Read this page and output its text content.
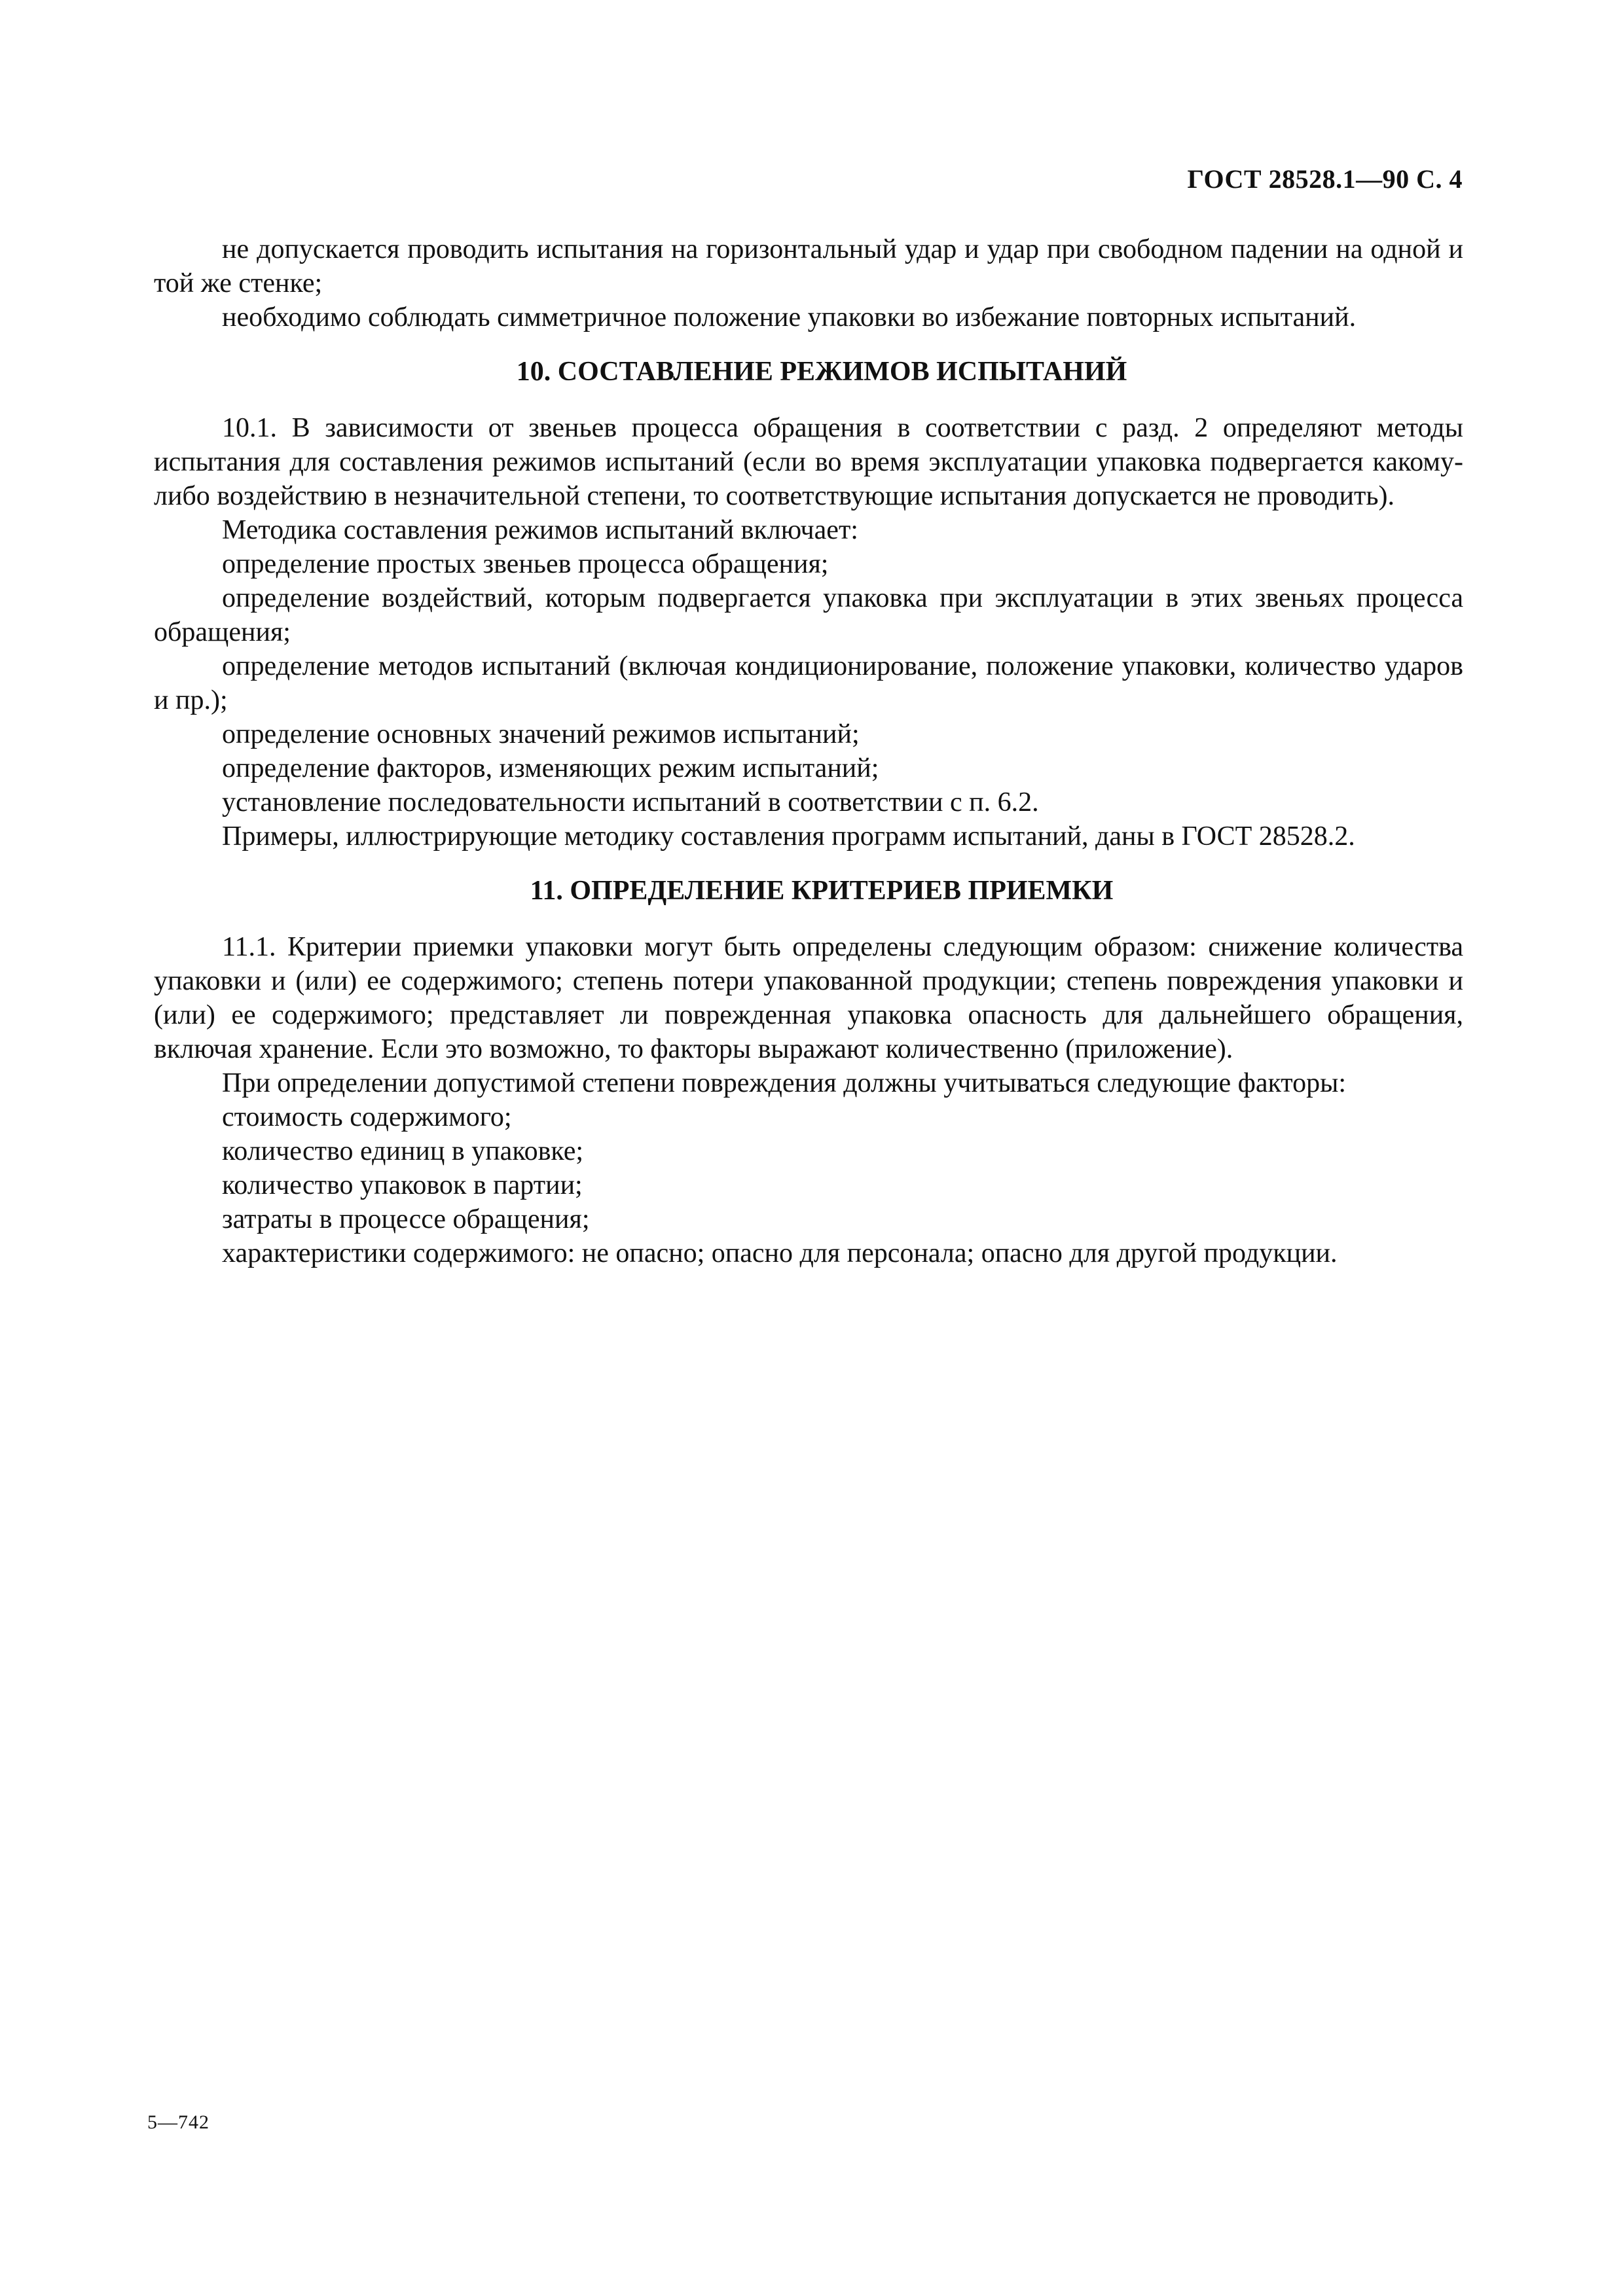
ГОСТ 28528.1—90 С. 4

не допускается проводить испытания на горизонтальный удар и удар при свободном падении на одной и той же стенке;

необходимо соблюдать симметричное положение упаковки во избежание повторных испытаний.

10. СОСТАВЛЕНИЕ РЕЖИМОВ ИСПЫТАНИЙ

10.1. В зависимости от звеньев процесса обращения в соответствии с разд. 2 определяют методы испытания для составления режимов испытаний (если во время эксплуатации упаковка подвергается какому-либо воздействию в незначительной степени, то соответствующие испытания допускается не проводить).

Методика составления режимов испытаний включает:

определение простых звеньев процесса обращения;

определение воздействий, которым подвергается упаковка при эксплуатации в этих звеньях процесса обращения;

определение методов испытаний (включая кондиционирование, положение упаковки, количество ударов и пр.);

определение основных значений режимов испытаний;

определение факторов, изменяющих режим испытаний;

установление последовательности испытаний в соответствии с п. 6.2.

Примеры, иллюстрирующие методику составления программ испытаний, даны в ГОСТ 28528.2.

11. ОПРЕДЕЛЕНИЕ КРИТЕРИЕВ ПРИЕМКИ

11.1. Критерии приемки упаковки могут быть определены следующим образом: снижение количества упаковки и (или) ее содержимого; степень потери упакованной продукции; степень повреждения упаковки и (или) ее содержимого; представляет ли поврежденная упаковка опасность для дальнейшего обращения, включая хранение. Если это возможно, то факторы выражают количественно (приложение).

При определении допустимой степени повреждения должны учитываться следующие факторы:

стоимость содержимого;

количество единиц в упаковке;

количество упаковок в партии;

затраты в процессе обращения;

характеристики содержимого: не опасно; опасно для персонала; опасно для другой продукции.

5—742
